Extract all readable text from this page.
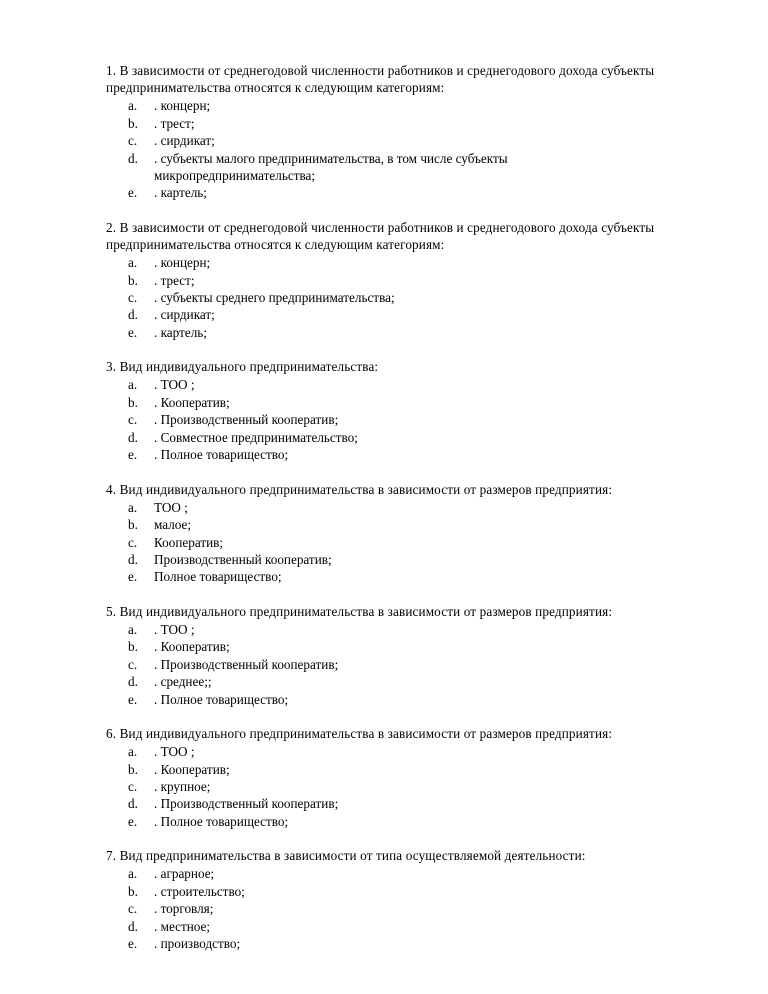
1. В зависимости от среднегодовой численности работников и среднегодового дохода субъекты предпринимательства относятся к следующим категориям:

a.	. концерн;
b.	. трест;
c.	. сирдикат;
d.	. субъекты малого предпринимательства, в том числе субъекты микропредпринимательства;
e.	. картель;

2. В зависимости от среднегодовой численности работников и среднегодового дохода субъекты предпринимательства относятся к следующим категориям:

a.	. концерн;
b.	. трест;
c.	. субъекты среднего предпринимательства;
d.	. сирдикат;
e.	. картель;

3. Вид индивидуального предпринимательства:

a.	. ТОО ;
b.	. Кооператив;
c.	. Производственный кооператив;
d.	. Совместное предпринимательство;
e.	. Полное товарищество;

4. Вид индивидуального предпринимательства в зависимости от размеров предприятия:

a.	ТОО ;
b.	малое;
c.	Кооператив;
d.	Производственный кооператив;
e.	Полное товарищество;

5. Вид индивидуального предпринимательства в зависимости от размеров предприятия:

a.	. ТОО ;
b.	. Кооператив;
c.	. Производственный кооператив;
d.	. среднее;;
e.	. Полное товарищество;

6. Вид индивидуального предпринимательства в зависимости от размеров предприятия:

a.	. ТОО ;
b.	. Кооператив;
c.	. крупное;
d.	. Производственный кооператив;
e.	. Полное товарищество;

7. Вид предпринимательства в зависимости от типа осуществляемой деятельности:

a.	. аграрное;
b.	. строительство;
c.	. торговля;
d.	. местное;
e.	. производство;
